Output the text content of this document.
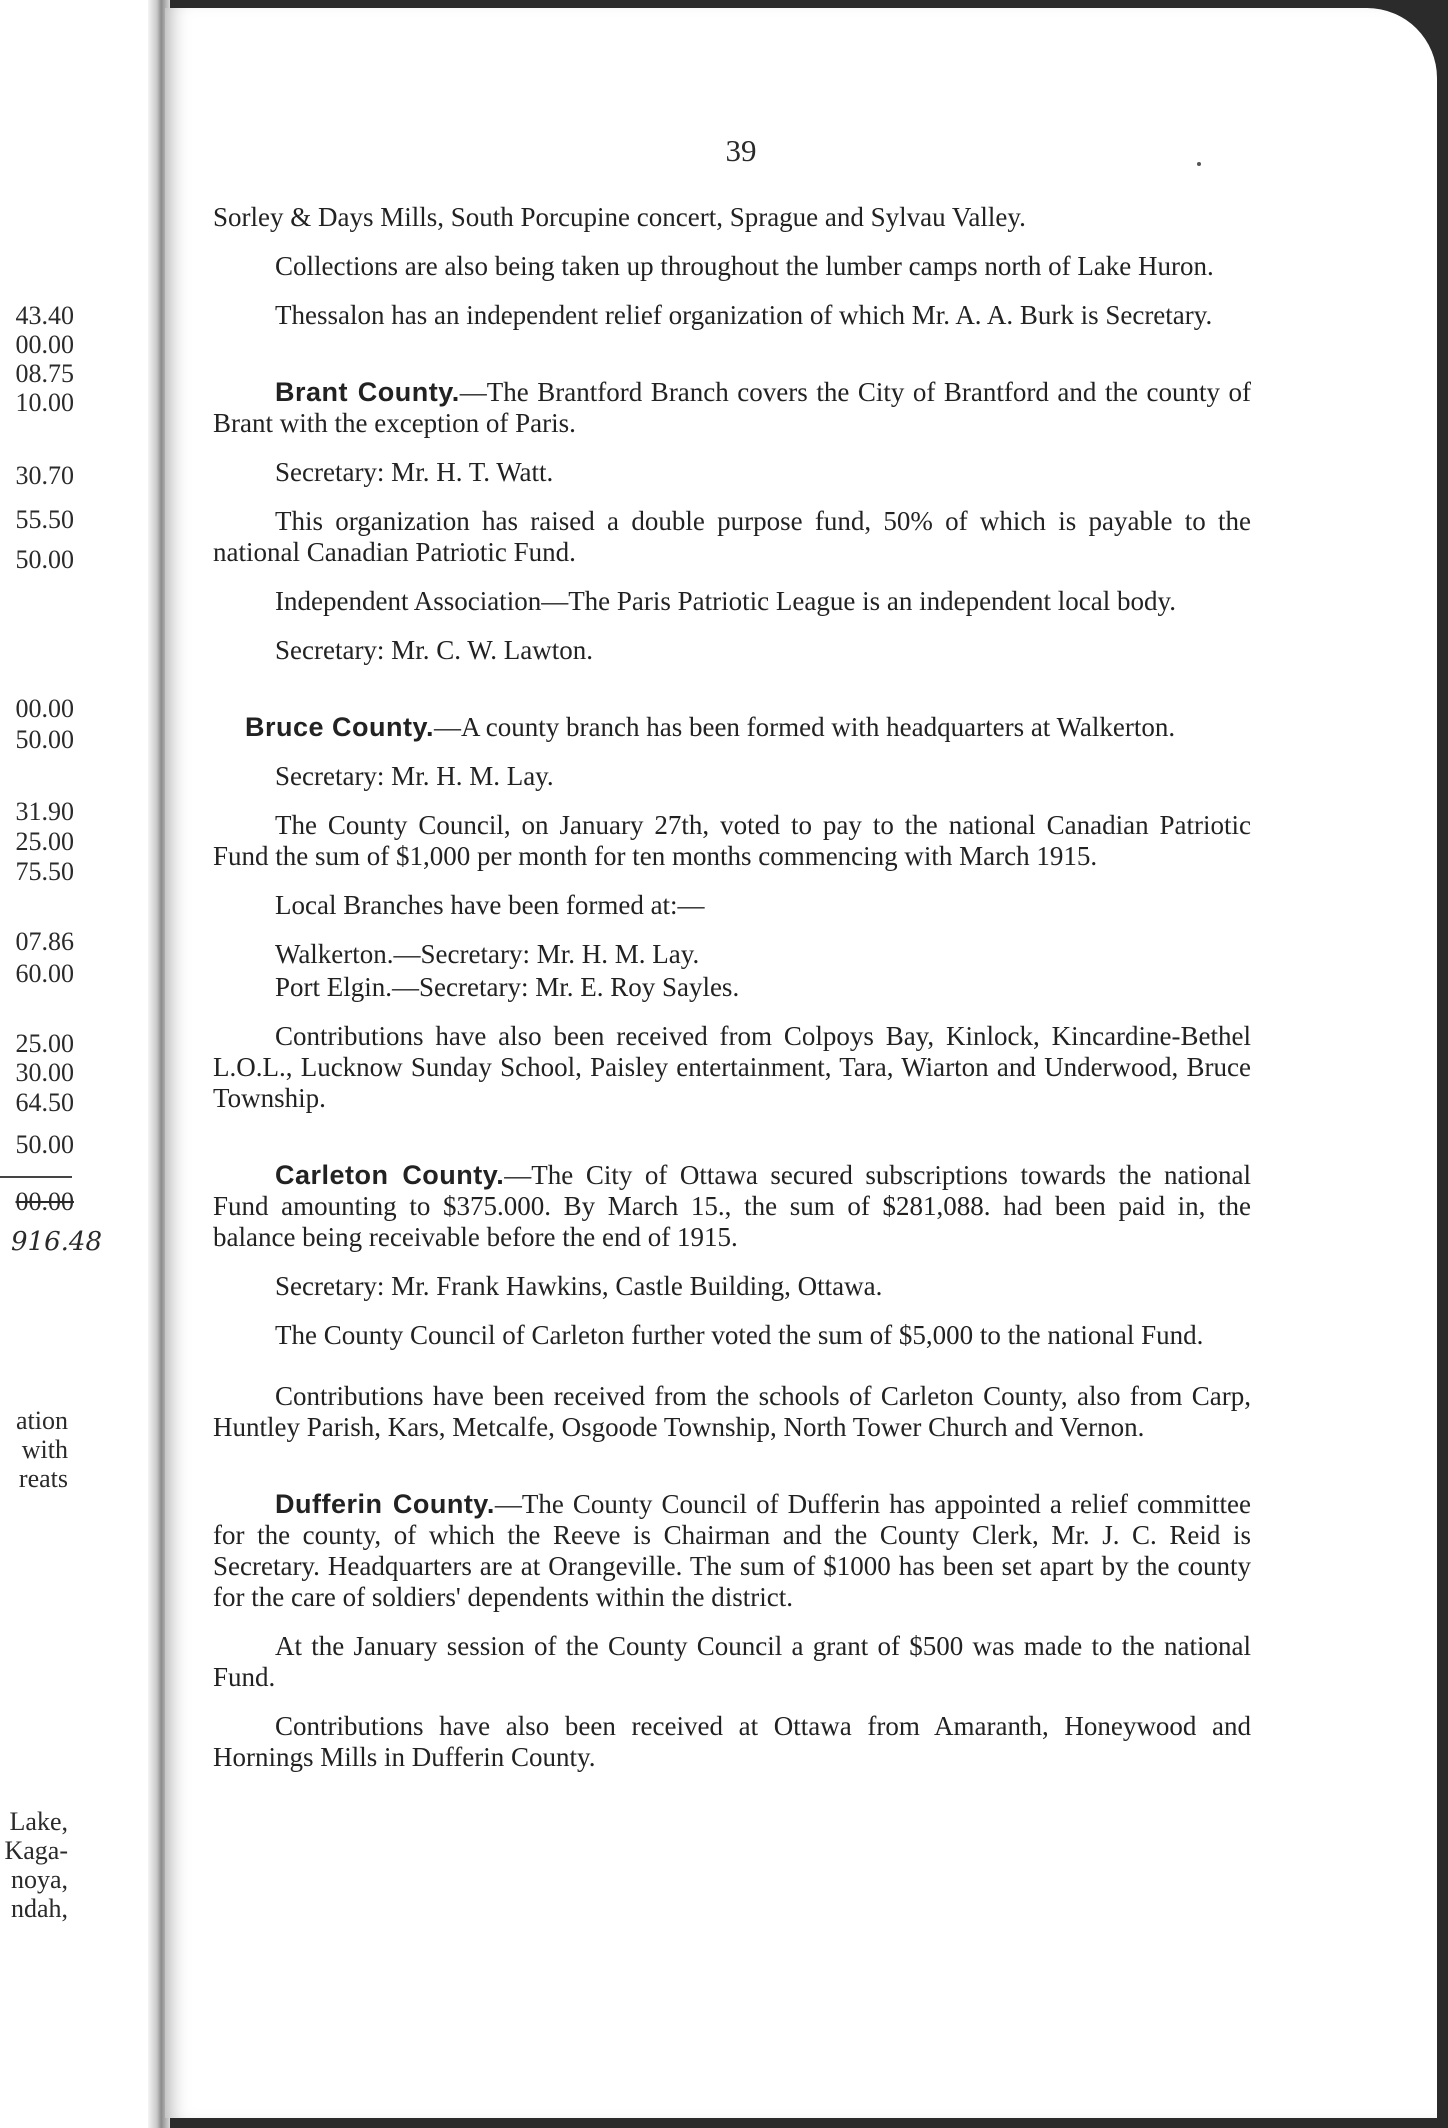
43.40
00.00
08.75
10.00
30.70
55.50
50.00
00.00
50.00
31.90
25.00
75.50
07.86
60.00
25.00
30.00
64.50
50.00
00.00
916.48
ation
with
reats
Lake,
Kaga-
noya,
ndah,
39

Sorley & Days Mills, South Porcupine concert, Sprague and Sylvau Valley.

Collections are also being taken up throughout the lumber camps north of Lake Huron.

Thessalon has an independent relief organization of which Mr. A. A. Burk is Secretary.

Brant County.—The Brantford Branch covers the City of Brantford and the county of Brant with the exception of Paris.

Secretary: Mr. H. T. Watt.

This organization has raised a double purpose fund, 50% of which is payable to the national Canadian Patriotic Fund.

Independent Association—The Paris Patriotic League is an independent local body.

Secretary: Mr. C. W. Lawton.

Bruce County.—A county branch has been formed with headquarters at Walkerton.

Secretary: Mr. H. M. Lay.

The County Council, on January 27th, voted to pay to the national Canadian Patriotic Fund the sum of $1,000 per month for ten months commencing with March 1915.

Local Branches have been formed at:—

Walkerton.—Secretary: Mr. H. M. Lay.

Port Elgin.—Secretary: Mr. E. Roy Sayles.

Contributions have also been received from Colpoys Bay, Kinlock, Kincardine-Bethel L.O.L., Lucknow Sunday School, Paisley entertainment, Tara, Wiarton and Underwood, Bruce Township.

Carleton County.—The City of Ottawa secured subscriptions towards the national Fund amounting to $375.000. By March 15., the sum of $281,088. had been paid in, the balance being receivable before the end of 1915.

Secretary: Mr. Frank Hawkins, Castle Building, Ottawa.

The County Council of Carleton further voted the sum of $5,000 to the national Fund.

Contributions have been received from the schools of Carleton County, also from Carp, Huntley Parish, Kars, Metcalfe, Osgoode Township, North Tower Church and Vernon.

Dufferin County.—The County Council of Dufferin has appointed a relief committee for the county, of which the Reeve is Chairman and the County Clerk, Mr. J. C. Reid is Secretary. Headquarters are at Orangeville. The sum of $1000 has been set apart by the county for the care of soldiers' dependents within the district.

At the January session of the County Council a grant of $500 was made to the national Fund.

Contributions have also been received at Ottawa from Amaranth, Honeywood and Hornings Mills in Dufferin County.
